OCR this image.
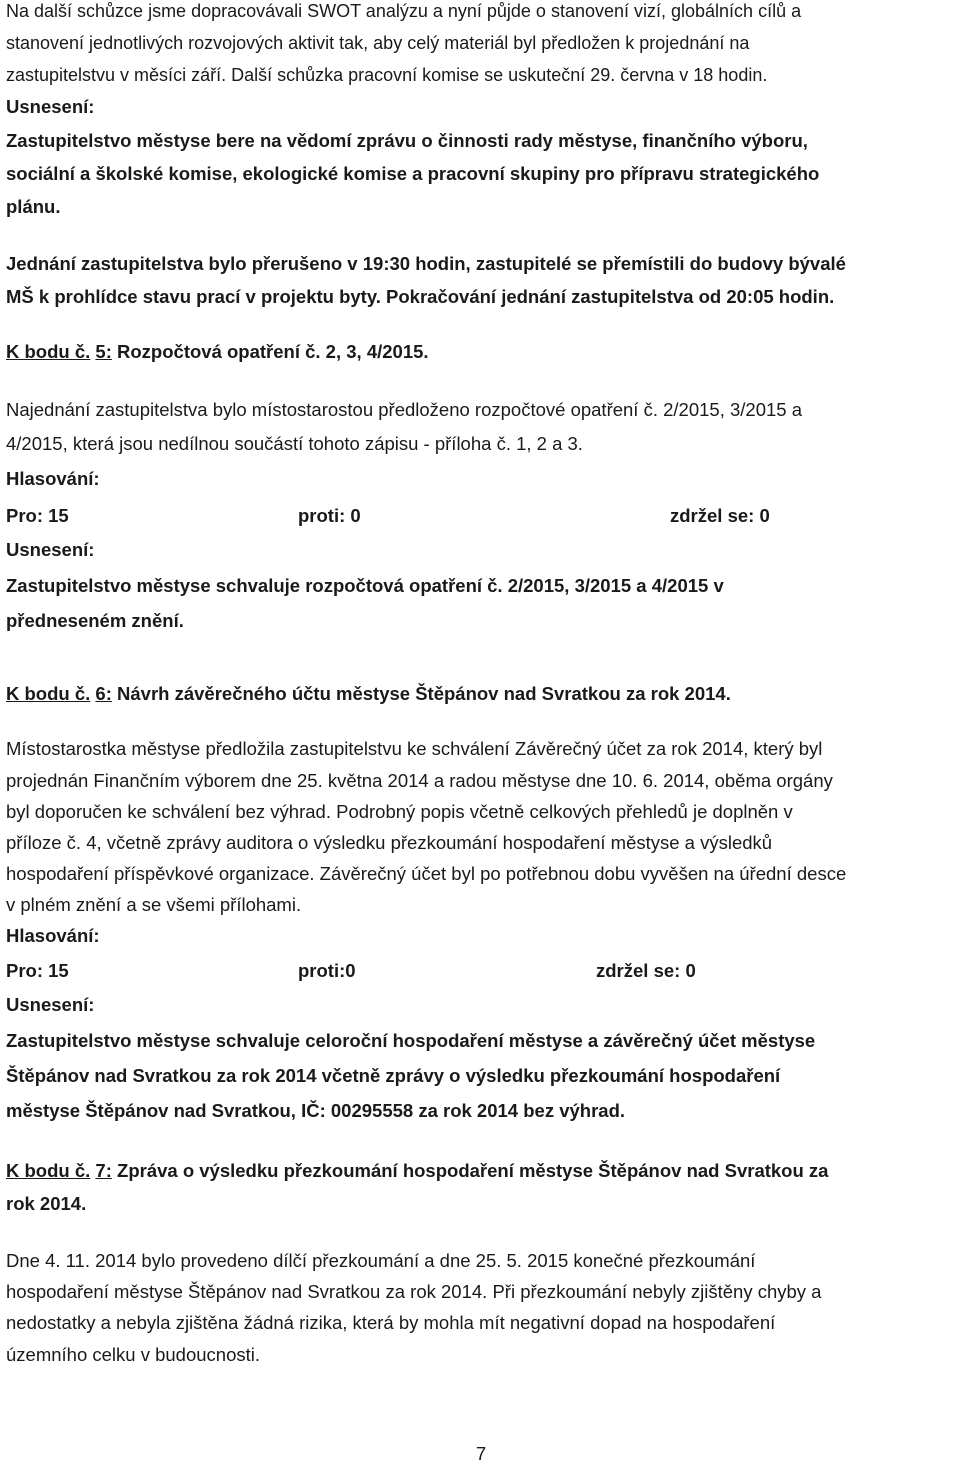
Na další schůzce jsme dopracovávali SWOT analýzu a nyní půjde o stanovení vizí, globálních cílů a
stanovení jednotlivých rozvojových aktivit tak, aby celý materiál byl předložen k projednání na
zastupitelstvu v měsíci září. Další schůzka pracovní komise se uskuteční 29. června v 18 hodin.
Usnesení:
Zastupitelstvo městyse bere na vědomí zprávu o činnosti rady městyse, finančního výboru,
sociální a školské komise, ekologické komise a pracovní skupiny pro přípravu strategického
plánu.
Jednání zastupitelstva bylo přerušeno v 19:30 hodin, zastupitelé se přemístili do budovy bývalé
MŠ k prohlídce stavu prací v projektu byty. Pokračování jednání zastupitelstva od 20:05 hodin.
K bodu č. 5: Rozpočtová opatření č. 2, 3, 4/2015.
Najednání zastupitelstva bylo místostarostou předloženo rozpočtové opatření č. 2/2015, 3/2015 a
4/2015, která jsou nedílnou součástí tohoto zápisu - příloha č. 1, 2 a 3.
Hlasování:
Pro: 15	proti: 0	zdržel se: 0
Usnesení:
Zastupitelstvo městyse schvaluje rozpočtová opatření č. 2/2015, 3/2015 a 4/2015 v
předneseném znění.
K bodu č. 6: Návrh závěrečného účtu městyse Štěpánov nad Svratkou za rok 2014.
Místostarostka městyse předložila zastupitelstvu ke schválení Závěrečný účet za rok 2014, který byl
projednán Finančním výborem dne 25. května 2014 a radou městyse dne 10. 6. 2014, oběma orgány
byl doporučen ke schválení bez výhrad. Podrobný popis včetně celkových přehledů je doplněn v
příloze č. 4, včetně zprávy auditora o výsledku přezkoumání hospodaření městyse a výsledků
hospodaření příspěvkové organizace. Závěrečný účet byl po potřebnou dobu vyvěšen na úřední desce
v plném znění a se všemi přílohami.
Hlasování:
Pro: 15	proti:0	zdržel se: 0
Usnesení:
Zastupitelstvo městyse schvaluje celoroční hospodaření městyse a závěrečný účet městyse
Štěpánov nad Svratkou za rok 2014 včetně zprávy o výsledku přezkoumání hospodaření
městyse Štěpánov nad Svratkou, IČ: 00295558 za rok 2014 bez výhrad.
K bodu č. 7: Zpráva o výsledku přezkoumání hospodaření městyse Štěpánov nad Svratkou za
rok 2014.
Dne 4. 11. 2014 bylo provedeno dílčí přezkoumání a dne 25. 5. 2015 konečné přezkoumání
hospodaření městyse Štěpánov nad Svratkou za rok 2014. Při přezkoumání nebyly zjištěny chyby a
nedostatky a nebyla zjištěna žádná rizika, která by mohla mít negativní dopad na hospodaření
územního celku v budoucnosti.
7
